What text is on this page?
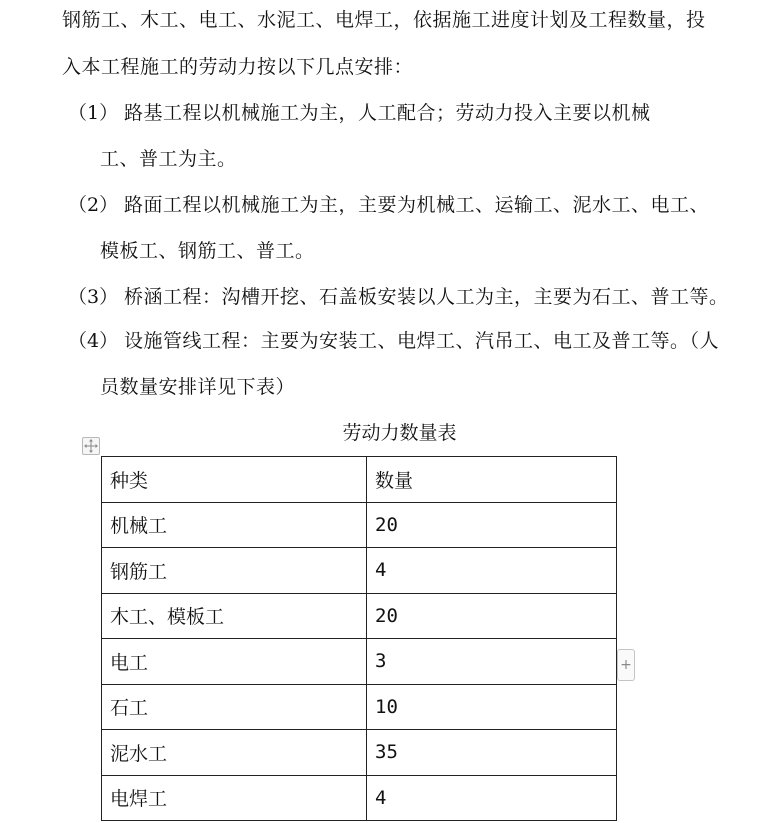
钢筋工、木工、电工、水泥工、电焊工，依据施工进度计划及工程数量，投
入本工程施工的劳动力按以下几点安排：
（1） 路基工程以机械施工为主，人工配合；劳动力投入主要以机械
工、普工为主。
（2） 路面工程以机械施工为主，主要为机械工、运输工、泥水工、电工、
模板工、钢筋工、普工。
（3） 桥涵工程：沟槽开挖、石盖板安装以人工为主，主要为石工、普工等。
（4） 设施管线工程：主要为安装工、电焊工、汽吊工、电工及普工等。（人
员数量安排详见下表）
劳动力数量表
种类	数量
机械工	20
钢筋工	4
木工、模板工	20
电工	3
石工	10
泥水工	35
电焊工	4
+
